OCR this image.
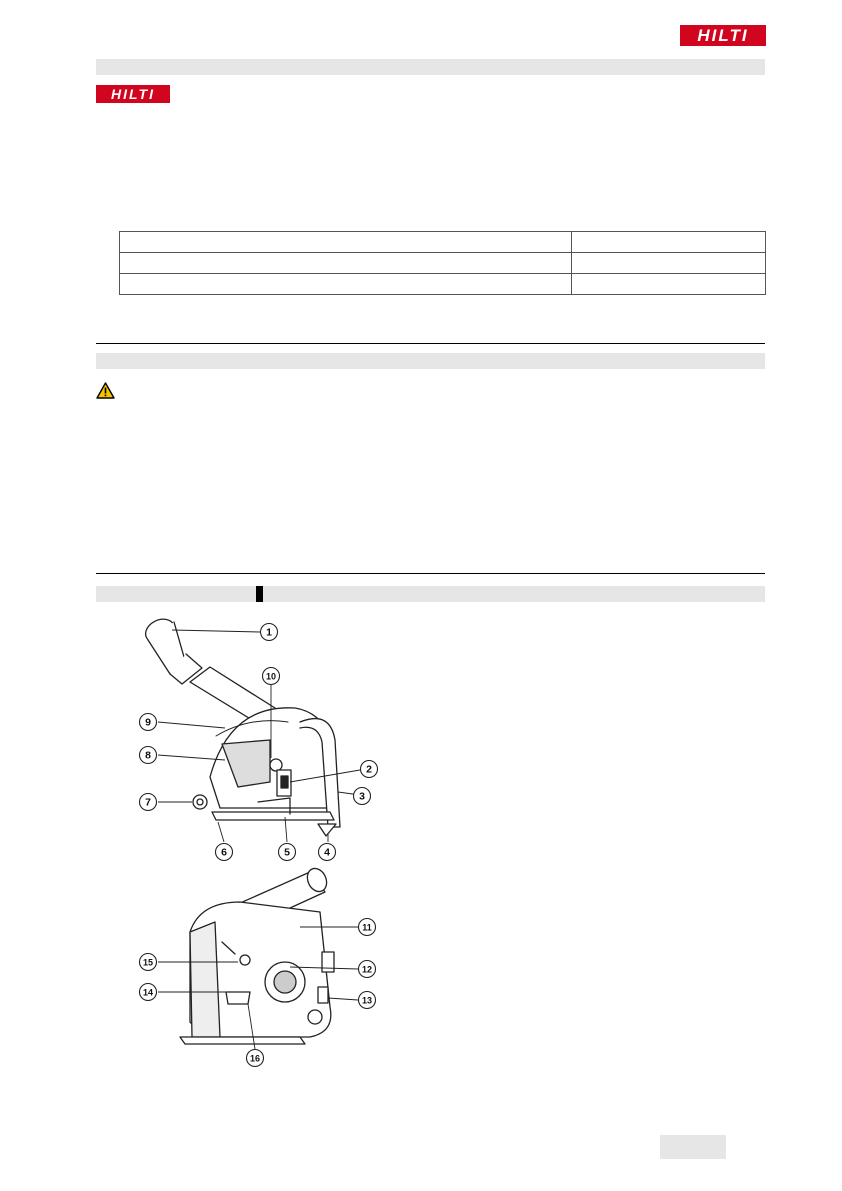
HILTI
HILTI

1
2
3
4
5
6
7
8
9
10
11
12
13
14
15
16
